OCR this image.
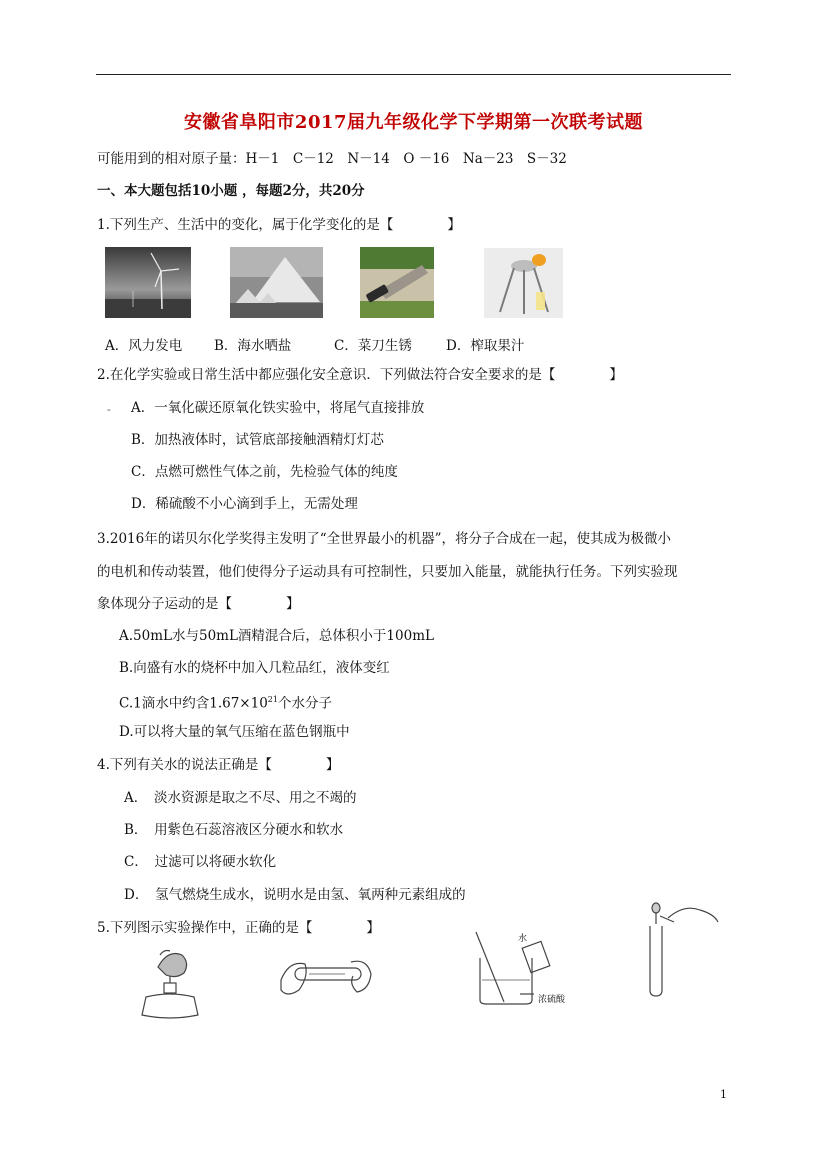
安徽省阜阳市2017届九年级化学下学期第一次联考试题
可能用到的相对原子量：H－1　C－12　N－14　O －16　Na－23　S－32
一、本大题包括10小题 ，每题2分，共20分
1.下列生产、生活中的变化，属于化学变化的是【　　　　】
A．风力发电 B．海水晒盐	C．菜刀生锈	D．榨取果汁
2.在化学实验或日常生活中都应强化安全意识．下列做法符合安全要求的是【　　　　】
- A．一氧化碳还原氧化铁实验中，将尾气直接排放
B．加热液体时，试管底部接触酒精灯灯芯
C．点燃可燃性气体之前，先检验气体的纯度
D．稀硫酸不小心滴到手上，无需处理
3.2016年的诺贝尔化学奖得主发明了“全世界最小的机器”，将分子合成在一起，使其成为极微小
的电机和传动装置，他们使得分子运动具有可控制性，只要加入能量，就能执行任务。下列实验现
象体现分子运动的是【　　　　】
A.50mL水与50mL酒精混合后，总体积小于100mL
B.向盛有水的烧杯中加入几粒品红，液体变红
C.1滴水中约含$1.67\times 10^{21}$个水分子
D.可以将大量的氧气压缩在蓝色钢瓶中
4.下列有关水的说法正确是【　　　　】
A．　淡水资源是取之不尽、用之不竭的
B．　用紫色石蕊溶液区分硬水和软水
C．　过滤可以将硬水软化
D．　氢气燃烧生成水，说明水是由氢、氧两种元素组成的
5.下列图示实验操作中，正确的是【　　　　】
水
浓硫酸
1
